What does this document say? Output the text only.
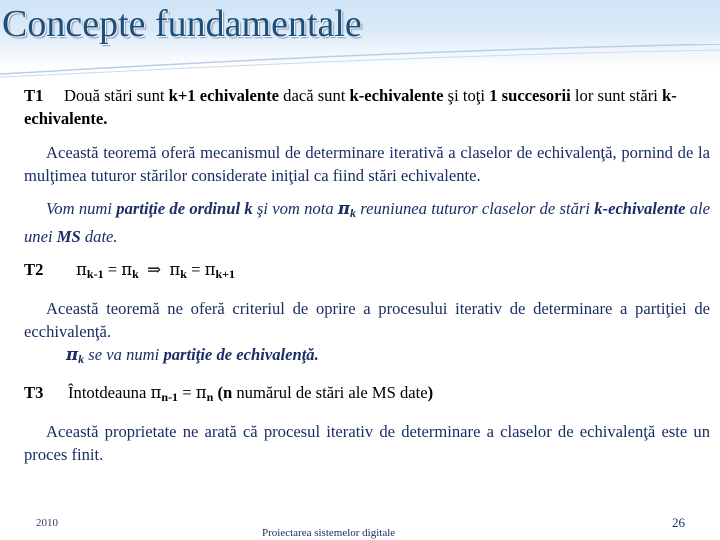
Concepte fundamentale

T1 Două stări sunt k+1 echivalente dacă sunt k-echivalente şi toţi 1 succesorii lor sunt stări k-echivalente.

Această teoremă oferă mecanismul de determinare iterativă a claselor de echivalenţă, pornind de la mulţimea tuturor stărilor considerate iniţial ca fiind stări echivalente.

Vom numi partiţie de ordinul k şi vom nota $\pi_k$ reuniunea tuturor claselor de stări k-echivalente ale unei MS date.

T2 $\pi_{k-1} = \pi_k$ ⇒ $\pi_k = \pi_{k+1}$

Această teoremă ne oferă criteriul de oprire a procesului iterativ de determinare a partiţiei de ecchivalenţă.

$\pi_k$ se va numi partiţie de echivalenţă.

T3 Întotdeauna $\pi_{n-1} = \pi_n$ (n numărul de stări ale MS date)

Această proprietate ne arată că procesul iterativ de determinare a claselor de echivalenţă este un proces finit.

2010
Proiectarea sistemelor digitale
26
